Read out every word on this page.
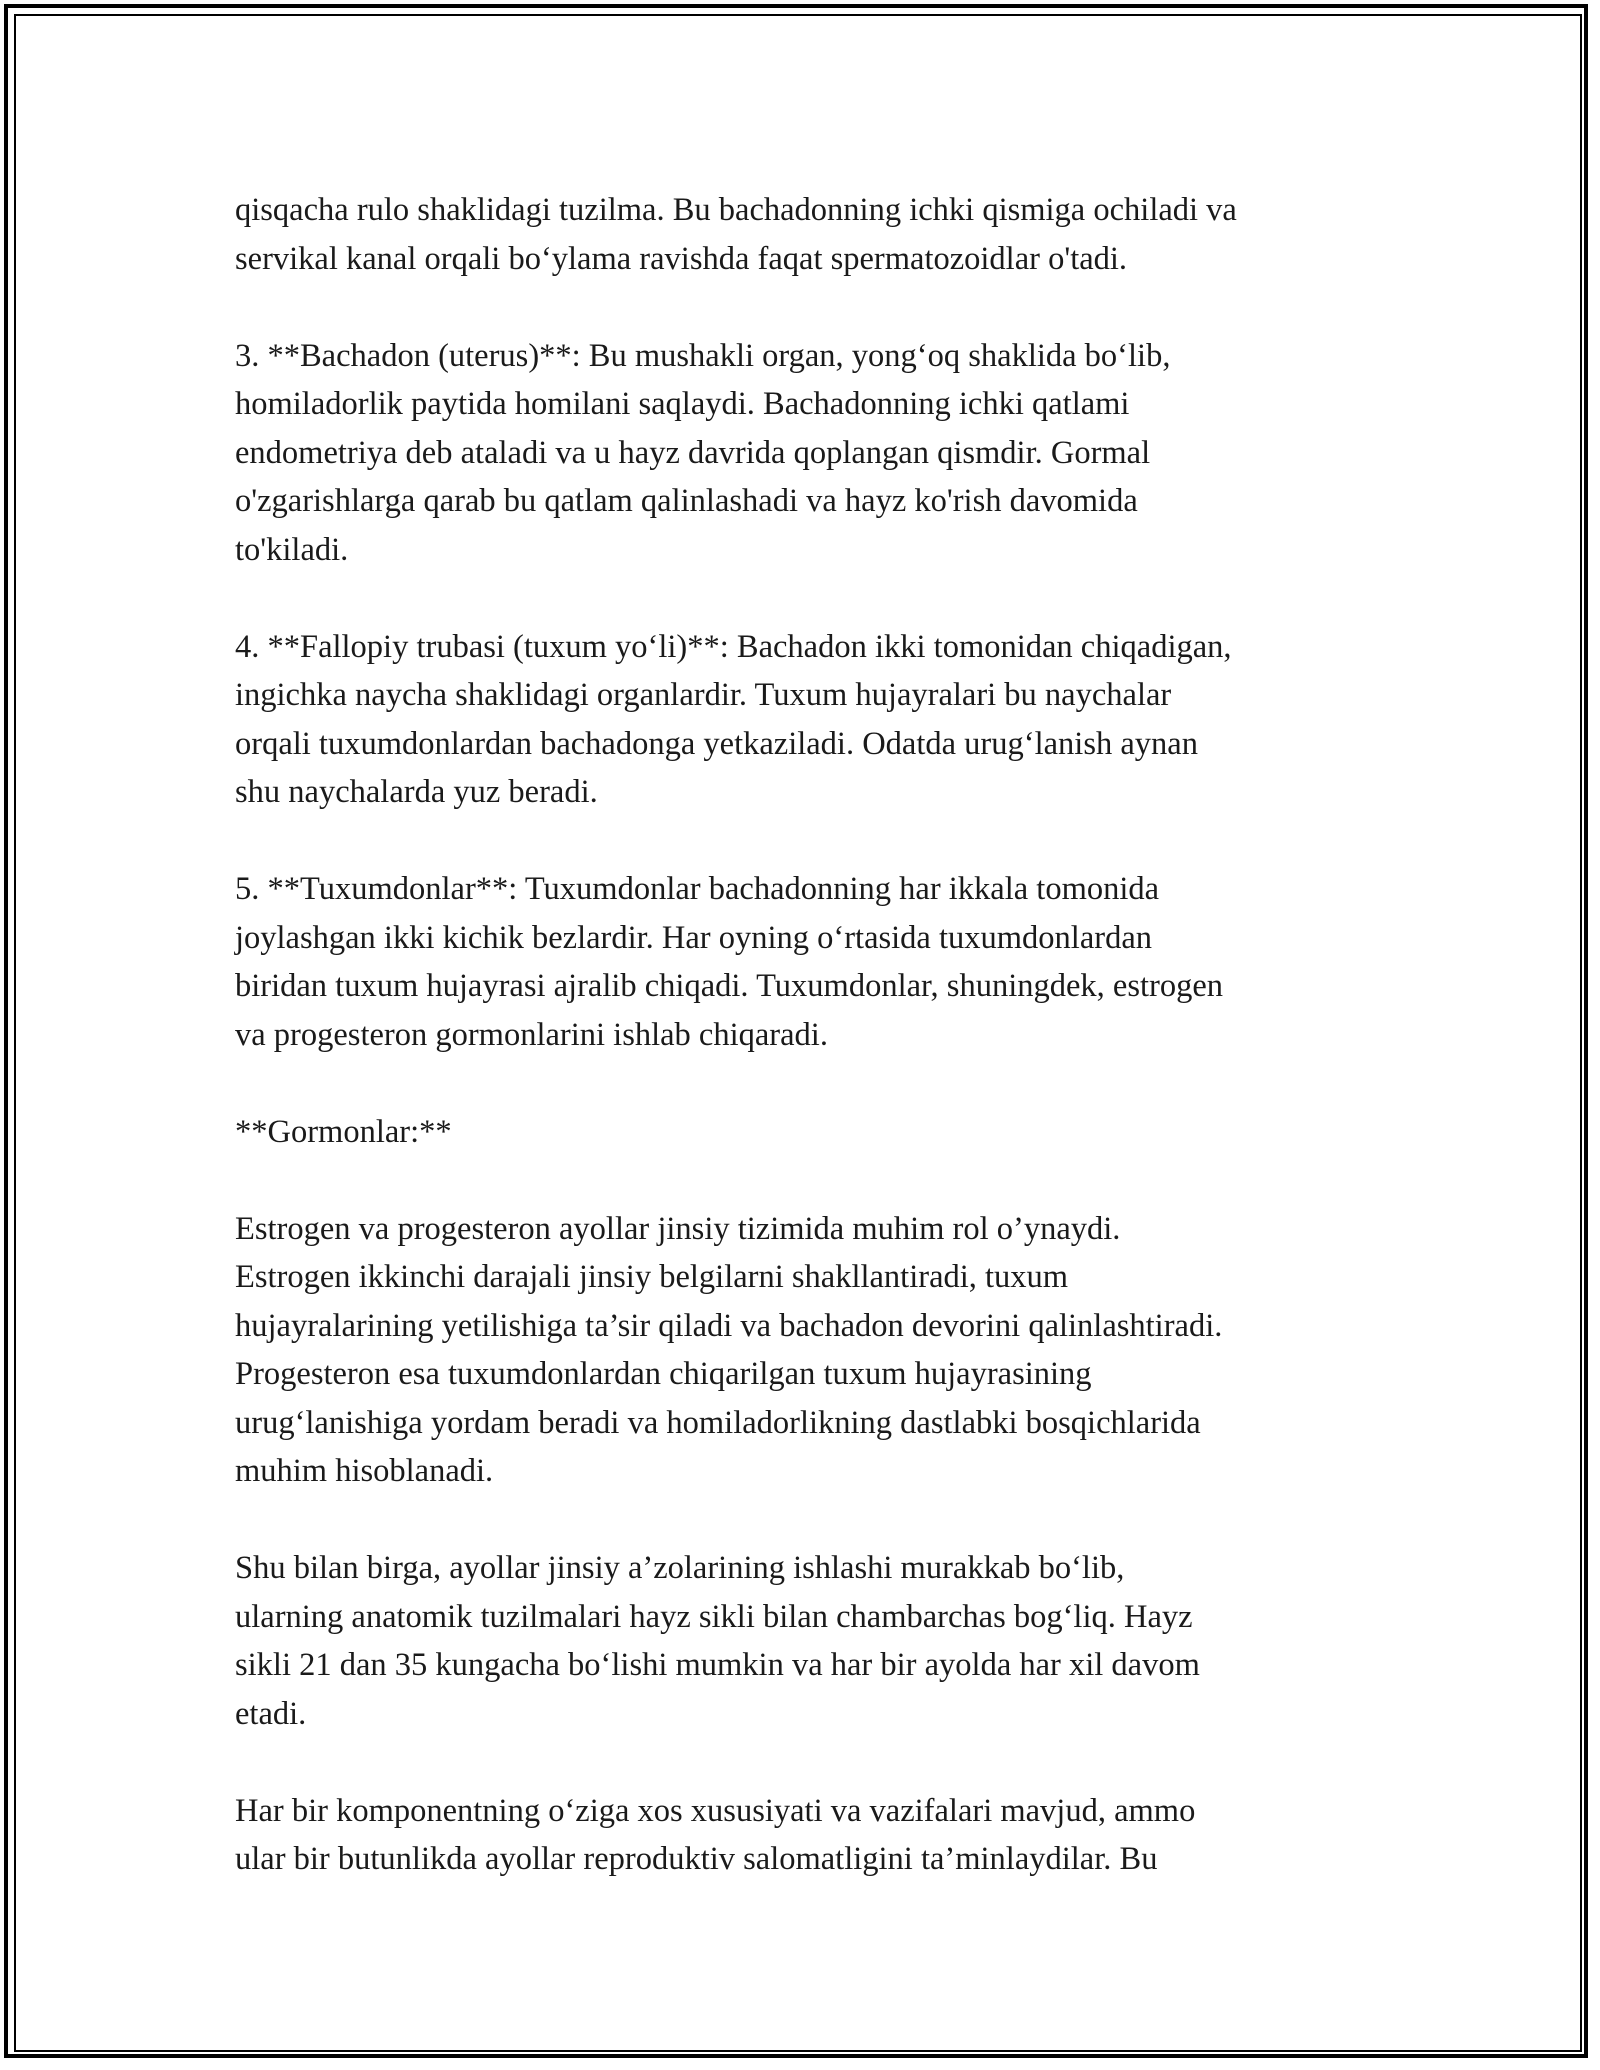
qisqacha rulo shaklidagi tuzilma. Bu bachadonning ichki qismiga ochiladi va
servikal kanal orqali bo‘ylama ravishda faqat spermatozoidlar o'tadi.

3. **Bachadon (uterus)**: Bu mushakli organ, yong‘oq shaklida bo‘lib,
homiladorlik paytida homilani saqlaydi. Bachadonning ichki qatlami
endometriya deb ataladi va u hayz davrida qoplangan qismdir. Gormal
o'zgarishlarga qarab bu qatlam qalinlashadi va hayz ko'rish davomida
to'kiladi.

4. **Fallopiy trubasi (tuxum yo‘li)**: Bachadon ikki tomonidan chiqadigan,
ingichka naycha shaklidagi organlardir. Tuxum hujayralari bu naychalar
orqali tuxumdonlardan bachadonga yetkaziladi. Odatda urug‘lanish aynan
shu naychalarda yuz beradi.

5. **Tuxumdonlar**: Tuxumdonlar bachadonning har ikkala tomonida
joylashgan ikki kichik bezlardir. Har oyning o‘rtasida tuxumdonlardan
biridan tuxum hujayrasi ajralib chiqadi. Tuxumdonlar, shuningdek, estrogen
va progesteron gormonlarini ishlab chiqaradi.

**Gormonlar:**

Estrogen va progesteron ayollar jinsiy tizimida muhim rol o’ynaydi.
Estrogen ikkinchi darajali jinsiy belgilarni shakllantiradi, tuxum
hujayralarining yetilishiga ta’sir qiladi va bachadon devorini qalinlashtiradi.
Progesteron esa tuxumdonlardan chiqarilgan tuxum hujayrasining
urug‘lanishiga yordam beradi va homiladorlikning dastlabki bosqichlarida
muhim hisoblanadi.

Shu bilan birga, ayollar jinsiy a’zolarining ishlashi murakkab bo‘lib,
ularning anatomik tuzilmalari hayz sikli bilan chambarchas bog‘liq. Hayz
sikli 21 dan 35 kungacha bo‘lishi mumkin va har bir ayolda har xil davom
etadi.

Har bir komponentning o‘ziga xos xususiyati va vazifalari mavjud, ammo
ular bir butunlikda ayollar reproduktiv salomatligini ta’minlaydilar. Bu
